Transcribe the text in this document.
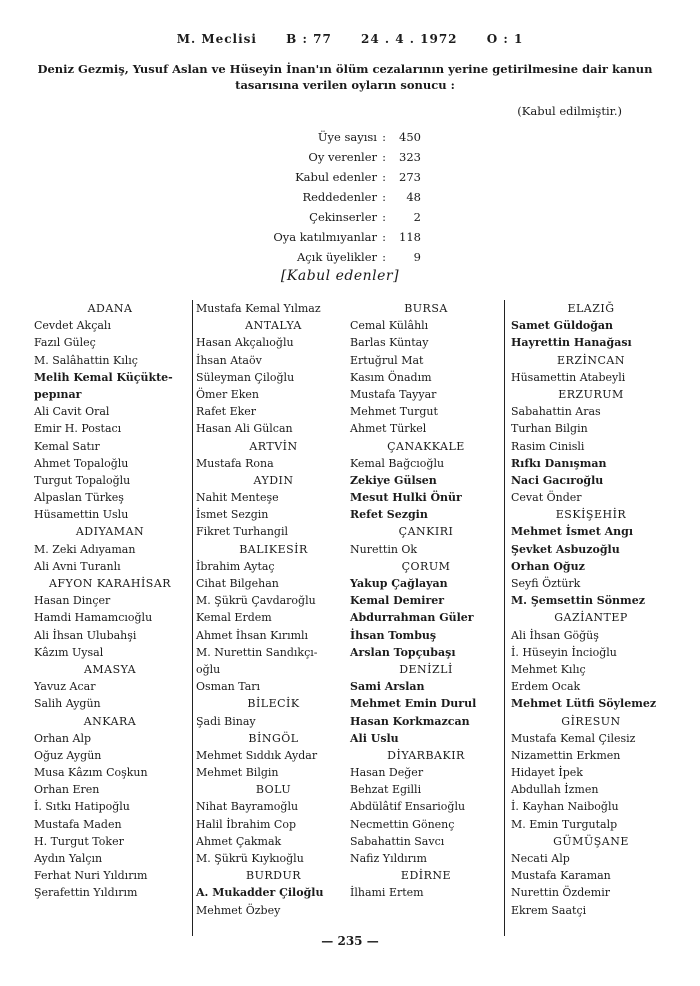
M. Meclisi B : 77 24 . 4 . 1972 O : 1
Deniz Gezmiş, Yusuf Aslan ve Hüseyin İnan'ın ölüm cezalarının yerine getirilmesine dair kanun tasarısına verilen oyların sonucu :
(Kabul edilmiştir.)
Üye sayısı :	450
Oy verenler :	323
Kabul edenler :	273
Reddedenler :	48
Çekinserler :	2
Oya katılmıyanlar :	118
Açık üyelikler :	9
[Kabul edenler]
ADANA
Cevdet Akçalı
Fazıl Güleç
M. Salâhattin Kılıç
Melih Kemal Küçükte-
pepınar
Ali Cavit Oral
Emir H. Postacı
Kemal Satır
Ahmet Topaloğlu
Turgut Topaloğlu
Alpaslan Türkeş
Hüsamettin Uslu
ADIYAMAN
M. Zeki Adıyaman
Ali Avni Turanlı
AFYON KARAHİSAR
Hasan Dinçer
Hamdi Hamamcıoğlu
Ali İhsan Ulubahşi
Kâzım Uysal
AMASYA
Yavuz Acar
Salih Aygün
ANKARA
Orhan Alp
Oğuz Aygün
Musa Kâzım Coşkun
Orhan Eren
İ. Sıtkı Hatipoğlu
Mustafa Maden
H. Turgut Toker
Aydın Yalçın
Ferhat Nuri Yıldırım
Şerafettin Yıldırım
Mustafa Kemal Yılmaz
ANTALYA
Hasan Akçalıoğlu
İhsan Ataöv
Süleyman Çiloğlu
Ömer Eken
Rafet Eker
Hasan Ali Gülcan
ARTVİN
Mustafa Rona
AYDIN
Nahit Menteşe
İsmet Sezgin
Fikret Turhangil
BALIKESİR
İbrahim Aytaç
Cihat Bilgehan
M. Şükrü Çavdaroğlu
Kemal Erdem
Ahmet İhsan Kırımlı
M. Nurettin Sandıkçı-
oğlu
Osman Tarı
BİLECİK
Şadi Binay
BİNGÖL
Mehmet Sıddık Aydar
Mehmet Bilgin
BOLU
Nihat Bayramoğlu
Halil İbrahim Cop
Ahmet Çakmak
M. Şükrü Kıykıoğlu
BURDUR
A. Mukadder Çiloğlu
Mehmet Özbey
BURSA
Cemal Külâhlı
Barlas Küntay
Ertuğrul Mat
Kasım Önadım
Mustafa Tayyar
Mehmet Turgut
Ahmet Türkel
ÇANAKKALE
Kemal Bağcıoğlu
Zekiye Gülsen
Mesut Hulki Önür
Refet Sezgin
ÇANKIRI
Nurettin Ok
ÇORUM
Yakup Çağlayan
Kemal Demirer
Abdurrahman Güler
İhsan Tombuş
Arslan Topçubaşı
DENİZLİ
Sami Arslan
Mehmet Emin Durul
Hasan Korkmazcan
Ali Uslu
DİYARBAKIR
Hasan Değer
Behzat Egilli
Abdülâtif Ensarioğlu
Necmettin Gönenç
Sabahattin Savcı
Nafiz Yıldırım
EDİRNE
İlhami Ertem
ELAZIĞ
Samet Güldoğan
Hayrettin Hanağası
ERZİNCAN
Hüsamettin Atabeyli
ERZURUM
Sabahattin Aras
Turhan Bilgin
Rasim Cinisli
Rıfkı Danışman
Naci Gacıroğlu
Cevat Önder
ESKİŞEHİR
Mehmet İsmet Angı
Şevket Asbuzoğlu
Orhan Oğuz
Seyfi Öztürk
M. Şemsettin Sönmez
GAZİANTEP
Ali İhsan Göğüş
İ. Hüseyin İncioğlu
Mehmet Kılıç
Erdem Ocak
Mehmet Lütfi Söylemez
GİRESUN
Mustafa Kemal Çilesiz
Nizamettin Erkmen
Hidayet İpek
Abdullah İzmen
İ. Kayhan Naiboğlu
M. Emin Turgutalp
GÜMÜŞANE
Necati Alp
Mustafa Karaman
Nurettin Özdemir
Ekrem Saatçi
— 235 —
